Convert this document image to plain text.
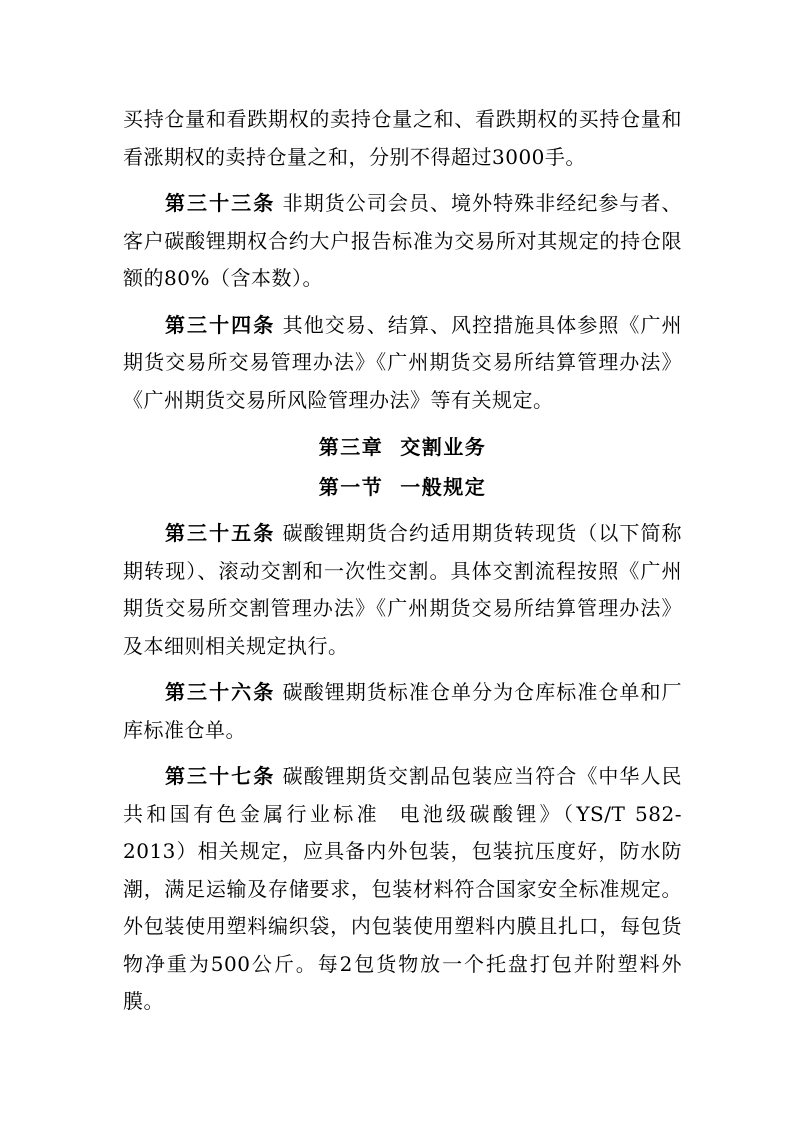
买持仓量和看跌期权的卖持仓量之和、看跌期权的买持仓量和看涨期权的卖持仓量之和，分别不得超过3000手。

第三十三条 非期货公司会员、境外特殊非经纪参与者、客户碳酸锂期权合约大户报告标准为交易所对其规定的持仓限额的80%（含本数）。

第三十四条 其他交易、结算、风控措施具体参照《广州期货交易所交易管理办法》《广州期货交易所结算管理办法》《广州期货交易所风险管理办法》等有关规定。

第三章  交割业务
第一节  一般规定

第三十五条 碳酸锂期货合约适用期货转现货（以下简称期转现）、滚动交割和一次性交割。具体交割流程按照《广州期货交易所交割管理办法》《广州期货交易所结算管理办法》及本细则相关规定执行。

第三十六条 碳酸锂期货标准仓单分为仓库标准仓单和厂库标准仓单。

第三十七条 碳酸锂期货交割品包装应当符合《中华人民共和国有色金属行业标准  电池级碳酸锂》（YS/T 582-2013）相关规定，应具备内外包装，包装抗压度好，防水防潮，满足运输及存储要求，包装材料符合国家安全标准规定。外包装使用塑料编织袋，内包装使用塑料内膜且扎口，每包货物净重为500公斤。每2包货物放一个托盘打包并附塑料外膜。
